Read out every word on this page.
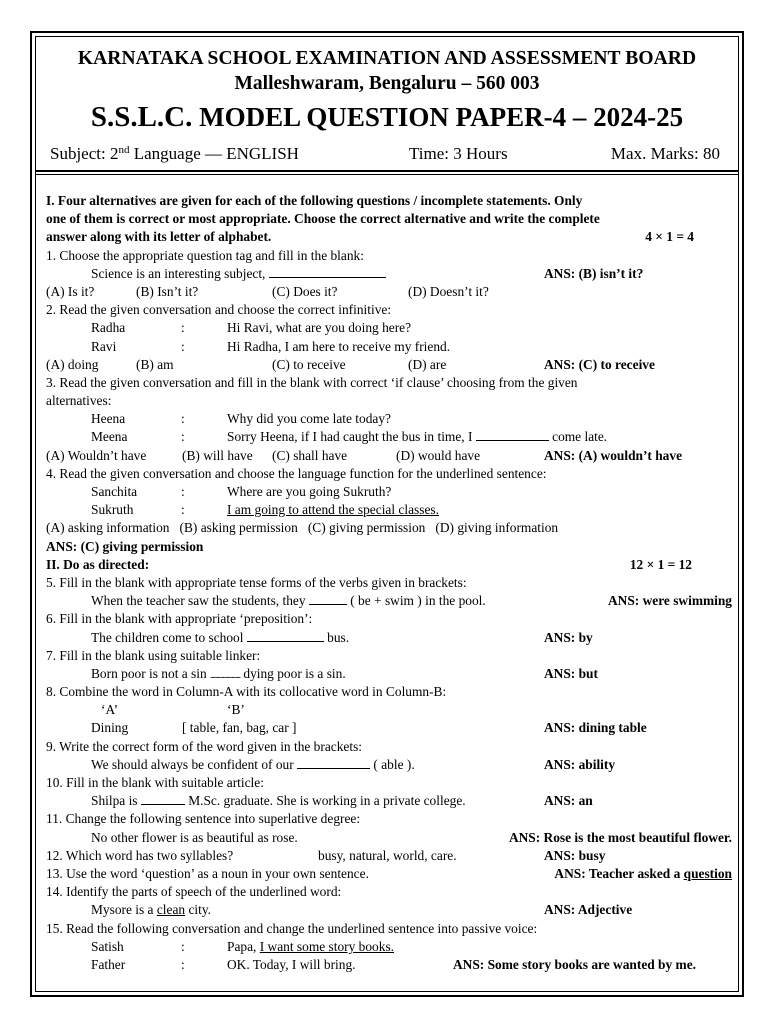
KARNATAKA SCHOOL EXAMINATION AND ASSESSMENT BOARD
Malleshwaram, Bengaluru – 560 003
S.S.L.C. MODEL QUESTION PAPER-4 – 2024-25
Subject: 2nd Language — ENGLISH	Time: 3 Hours	Max. Marks: 80
I. Four alternatives are given for each of the following questions / incomplete statements. Only
one of them is correct or most appropriate. Choose the correct alternative and write the complete
answer along with its letter of alphabet.	4 × 1 = 4
1. Choose the appropriate question tag and fill in the blank:
Science is an interesting subject,	ANS: (B) isn’t it?
(A) Is it?	(B) Isn’t it?	(C) Does it?	(D) Doesn’t it?
2. Read the given conversation and choose the correct infinitive:
Radha	:	Hi Ravi, what are you doing here?
Ravi	:	Hi Radha, I am here to receive my friend.
(A) doing	(B) am	(C) to receive	(D) are	ANS: (C) to receive
3. Read the given conversation and fill in the blank with correct ‘if clause’ choosing from the given
alternatives:
Heena	:	Why did you come late today?
Meena	:	Sorry Heena, if I had caught the bus in time, I	come late.
(A) Wouldn’t have	(B) will have (C) shall have	(D) would have	ANS: (A) wouldn’t have
4. Read the given conversation and choose the language function for the underlined sentence:
Sanchita	:	Where are you going Sukruth?
Sukruth	:	I am going to attend the special classes.
(A) asking information   (B) asking permission   (C) giving permission   (D) giving information
ANS: (C) giving permission
II. Do as directed:	12 × 1 = 12
5. Fill in the blank with appropriate tense forms of the verbs given in brackets:
When the teacher saw the students, they	( be + swim ) in the pool.	ANS: were swimming
6. Fill in the blank with appropriate ‘preposition’:
The children come to school	bus.	ANS: by
7. Fill in the blank using suitable linker:
Born poor is not a sin ........................ dying poor is a sin.	ANS: but
8. Combine the word in Column-A with its collocative word in Column-B:
‘A’	‘B’
Dining	[ table, fan, bag, car ]	ANS: dining table
9. Write the correct form of the word given in the brackets:
We should always be confident of our	( able ).	ANS: ability
10. Fill in the blank with suitable article:
Shilpa is	M.Sc. graduate. She is working in a private college.	ANS: an
11. Change the following sentence into superlative degree:
No other flower is as beautiful as rose.	ANS: Rose is the most beautiful flower.
12. Which word has two syllables?	busy, natural, world, care.	ANS: busy
13. Use the word ‘question’ as a noun in your own sentence.	ANS: Teacher asked a question
14. Identify the parts of speech of the underlined word:
Mysore is a clean city.	ANS: Adjective
15. Read the following conversation and change the underlined sentence into passive voice:
Satish	:	Papa, I want some story books.
Father	:	OK. Today, I will bring.	ANS: Some story books are wanted by me.
